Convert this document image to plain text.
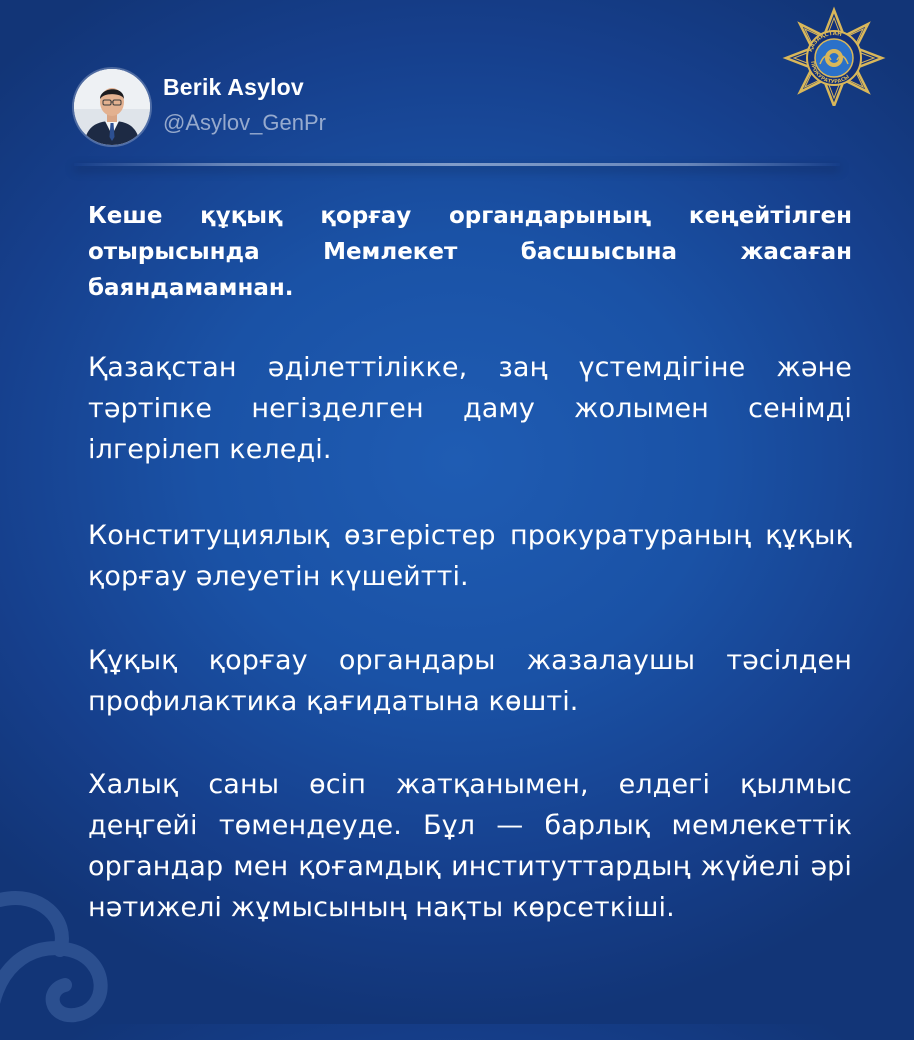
Berik Asylov
@Asylov_GenPr
ҚАЗАҚСТАН
ПРОКУРАТУРАСЫ
Кеше құқық қорғау органдарының кеңейтілген отырысында Мемлекет басшысына жасаған баяндамамнан.
Қазақстан әділеттілікке, заң үстемдігіне және тәртіпке негізделген даму жолымен сенімді ілгерілеп келеді.
Конституциялық өзгерістер прокуратураның құқық қорғау әлеуетін күшейтті.
Құқық қорғау органдары жазалаушы тәсілден профилактика қағидатына көшті.
Халық саны өсіп жатқанымен, елдегі қылмыс деңгейі төмендеуде. Бұл — барлық мемлекеттік органдар мен қоғамдық институттардың жүйелі әрі нәтижелі жұмысының нақты көрсеткіші.
